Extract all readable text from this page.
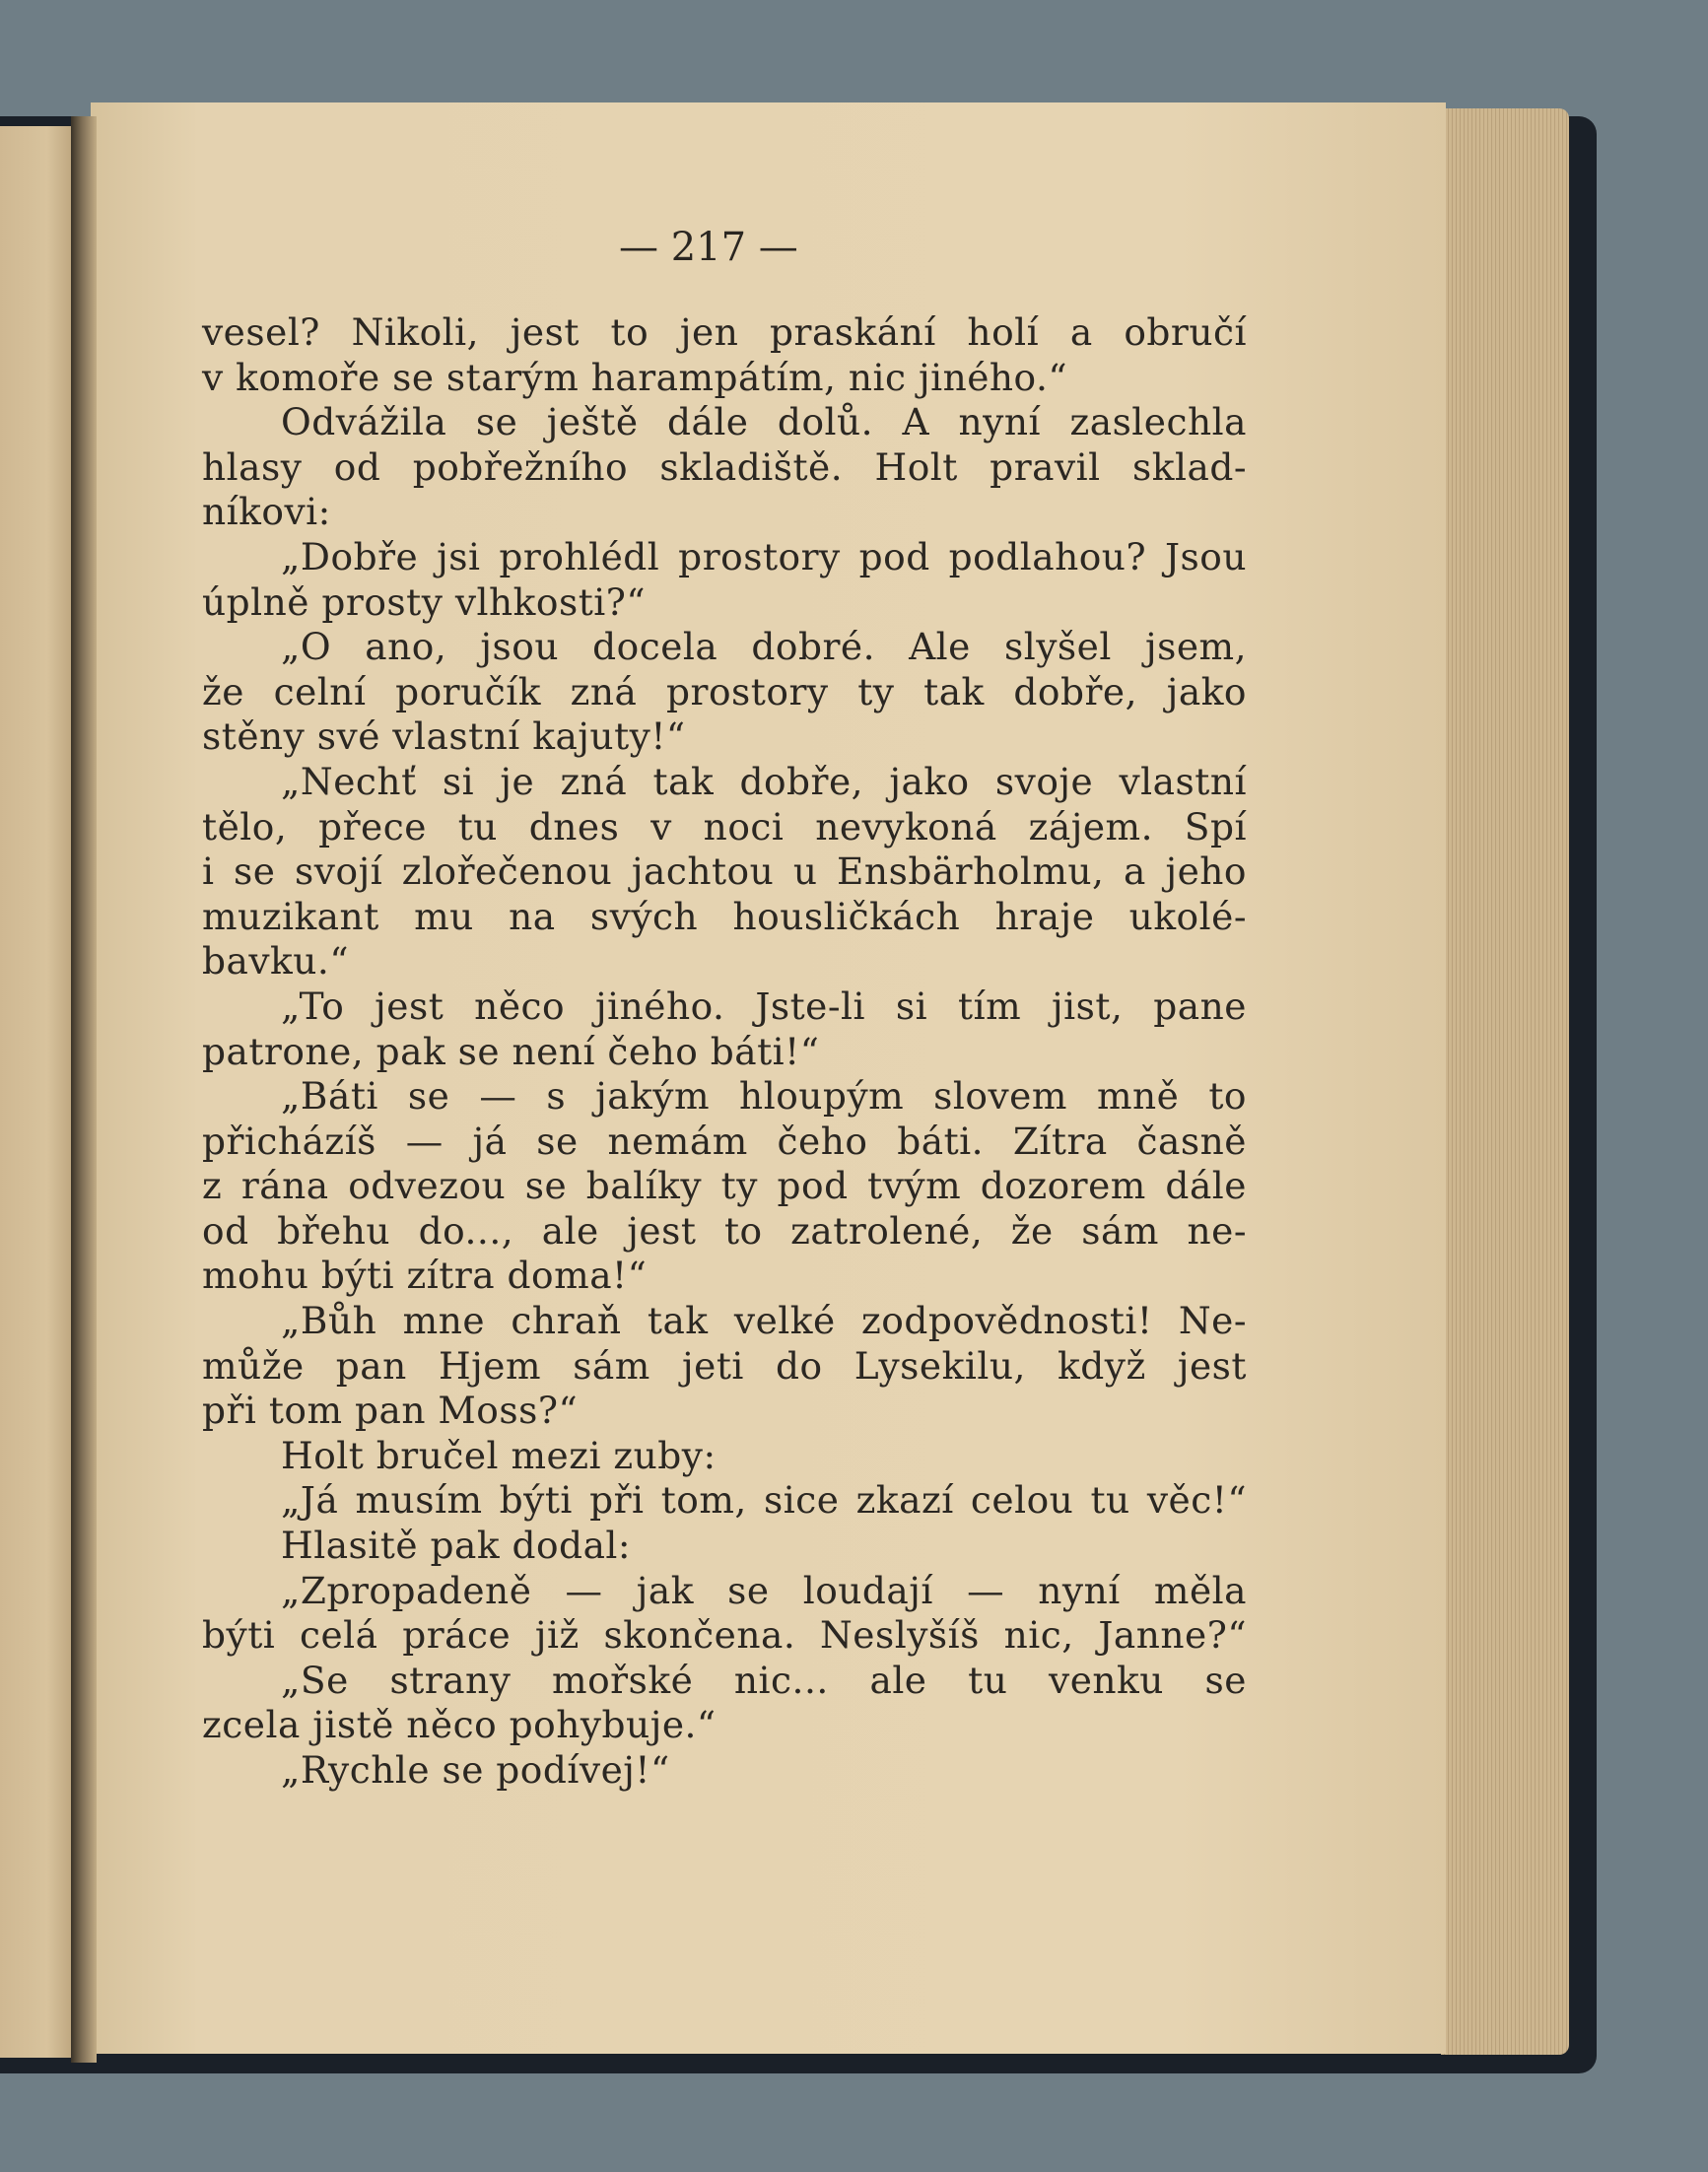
— 217 —
vesel? Nikoli, jest to jen praskání holí a obručí
v komoře se starým harampátím, nic jiného.“
Odvážila se ještě dále dolů. A nyní zaslechla
hlasy od pobřežního skladiště. Holt pravil sklad-
níkovi:
„Dobře jsi prohlédl prostory pod podlahou? Jsou
úplně prosty vlhkosti?“
„O ano, jsou docela dobré. Ale slyšel jsem,
že celní poručík zná prostory ty tak dobře, jako
stěny své vlastní kajuty!“
„Nechť si je zná tak dobře, jako svoje vlastní
tělo, přece tu dnes v noci nevykoná zájem. Spí
i se svojí zlořečenou jachtou u Ensbärholmu, a jeho
muzikant mu na svých housličkách hraje ukolé-
bavku.“
„To jest něco jiného. Jste-li si tím jist, pane
patrone, pak se není čeho báti!“
„Báti se — s jakým hloupým slovem mně to
přicházíš — já se nemám čeho báti. Zítra časně
z rána odvezou se balíky ty pod tvým dozorem dále
od břehu do..., ale jest to zatrolené, že sám ne-
mohu býti zítra doma!“
„Bůh mne chraň tak velké zodpovědnosti! Ne-
může pan Hjem sám jeti do Lysekilu, když jest
při tom pan Moss?“
Holt bručel mezi zuby:
„Já musím býti při tom, sice zkazí celou tu věc!“
Hlasitě pak dodal:
„Zpropadeně — jak se loudají — nyní měla
býti celá práce již skončena. Neslyšíš nic, Janne?“
„Se strany mořské nic... ale tu venku se
zcela jistě něco pohybuje.“
„Rychle se podívej!“
